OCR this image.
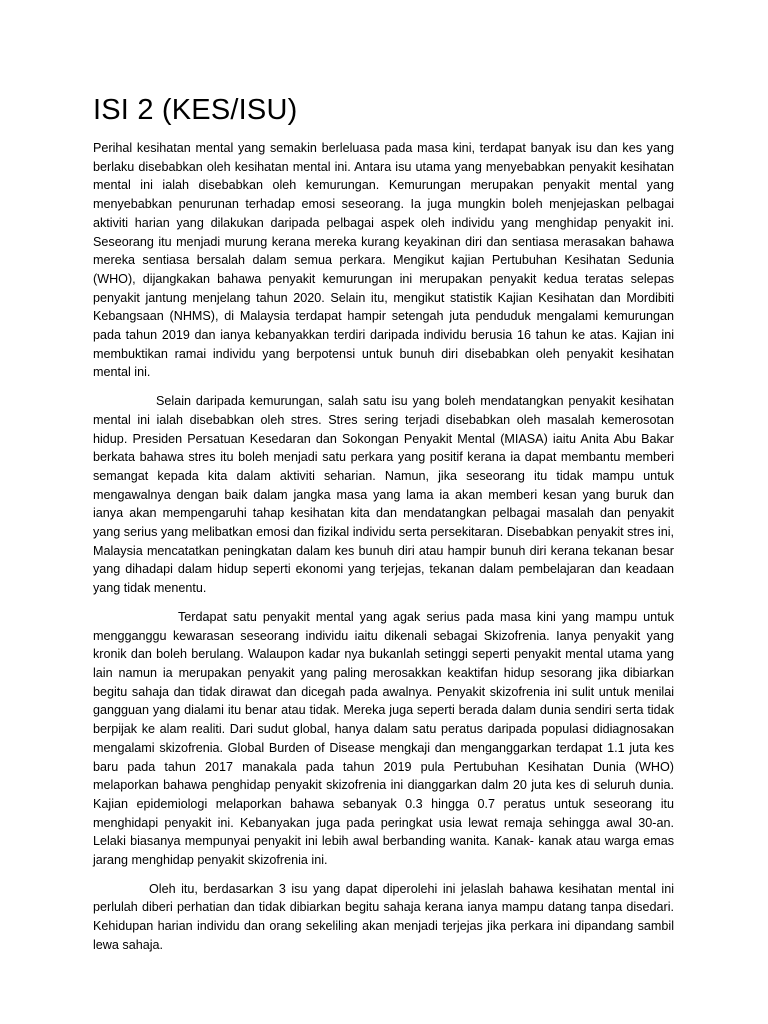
ISI 2 (KES/ISU)

Perihal kesihatan mental yang semakin berleluasa pada masa kini, terdapat banyak isu dan kes yang berlaku disebabkan oleh kesihatan mental ini. Antara isu utama yang menyebabkan penyakit kesihatan mental ini ialah disebabkan oleh kemurungan. Kemurungan merupakan penyakit mental yang menyebabkan penurunan terhadap emosi seseorang. Ia juga mungkin boleh menjejaskan pelbagai aktiviti harian yang dilakukan daripada pelbagai aspek oleh individu yang menghidap penyakit ini. Seseorang itu menjadi murung kerana mereka kurang keyakinan diri dan sentiasa merasakan bahawa mereka sentiasa bersalah dalam semua perkara. Mengikut kajian Pertubuhan Kesihatan Sedunia (WHO), dijangkakan bahawa penyakit kemurungan ini merupakan penyakit kedua teratas selepas penyakit jantung menjelang tahun 2020. Selain itu, mengikut statistik Kajian Kesihatan dan Mordibiti Kebangsaan (NHMS), di Malaysia terdapat hampir setengah juta penduduk mengalami kemurungan pada tahun 2019 dan ianya kebanyakkan terdiri daripada individu berusia 16 tahun ke atas. Kajian ini membuktikan ramai individu yang berpotensi untuk bunuh diri disebabkan oleh penyakit kesihatan mental ini.

Selain daripada kemurungan, salah satu isu yang boleh mendatangkan penyakit kesihatan mental ini ialah disebabkan oleh stres. Stres sering terjadi disebabkan oleh masalah kemerosotan hidup. Presiden Persatuan Kesedaran dan Sokongan Penyakit Mental (MIASA) iaitu Anita Abu Bakar berkata bahawa stres itu boleh menjadi satu perkara yang positif kerana ia dapat membantu memberi semangat kepada kita dalam aktiviti seharian. Namun, jika seseorang itu tidak mampu untuk mengawalnya dengan baik dalam jangka masa yang lama ia akan memberi kesan yang buruk dan ianya akan mempengaruhi tahap kesihatan kita dan mendatangkan pelbagai masalah dan penyakit yang serius yang melibatkan emosi dan fizikal individu serta persekitaran. Disebabkan penyakit stres ini, Malaysia mencatatkan peningkatan dalam kes bunuh diri atau hampir bunuh diri kerana tekanan besar yang dihadapi dalam hidup seperti ekonomi yang terjejas, tekanan dalam pembelajaran dan keadaan yang tidak menentu.

Terdapat satu penyakit mental yang agak serius pada masa kini yang mampu untuk mengganggu kewarasan seseorang individu iaitu dikenali sebagai Skizofrenia. Ianya penyakit yang kronik dan boleh berulang. Walaupon kadar nya bukanlah setinggi seperti penyakit mental utama yang lain namun ia merupakan penyakit yang paling merosakkan keaktifan hidup sesorang jika dibiarkan begitu sahaja dan tidak dirawat dan dicegah pada awalnya. Penyakit skizofrenia ini sulit untuk menilai gangguan yang dialami itu benar atau tidak. Mereka juga seperti berada dalam dunia sendiri serta tidak berpijak ke alam realiti. Dari sudut global, hanya dalam satu peratus daripada populasi didiagnosakan mengalami skizofrenia. Global Burden of Disease mengkaji dan menganggarkan terdapat 1.1 juta kes baru pada tahun 2017 manakala pada tahun 2019 pula Pertubuhan Kesihatan Dunia (WHO) melaporkan bahawa penghidap penyakit skizofrenia ini dianggarkan dalm 20 juta kes di seluruh dunia. Kajian epidemiologi melaporkan bahawa sebanyak 0.3 hingga 0.7 peratus untuk seseorang itu menghidapi penyakit ini. Kebanyakan juga pada peringkat usia lewat remaja sehingga awal 30-an. Lelaki biasanya mempunyai penyakit ini lebih awal berbanding wanita. Kanak- kanak atau warga emas jarang menghidap penyakit skizofrenia ini.

Oleh itu, berdasarkan 3 isu yang dapat diperolehi ini jelaslah bahawa kesihatan mental ini perlulah diberi perhatian dan tidak dibiarkan begitu sahaja kerana ianya mampu datang tanpa disedari. Kehidupan harian individu dan orang sekeliling akan menjadi terjejas jika perkara ini dipandang sambil lewa sahaja.
